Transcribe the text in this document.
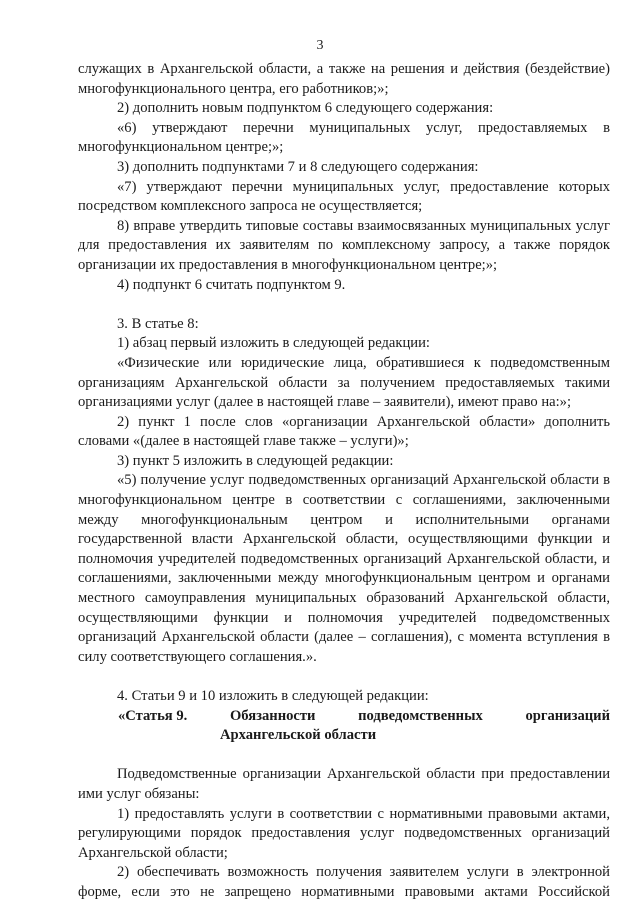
3

служащих в Архангельской области, а также на решения и действия (бездействие) многофункционального центра, его работников;»;

2) дополнить новым подпунктом 6 следующего содержания:

«6) утверждают перечни муниципальных услуг, предоставляемых в многофункциональном центре;»;

3) дополнить подпунктами 7 и 8 следующего содержания:

«7) утверждают перечни муниципальных услуг, предоставление которых посредством комплексного запроса не осуществляется;

8) вправе утвердить типовые составы взаимосвязанных муниципальных услуг для предоставления их заявителям по комплексному запросу, а также порядок организации их предоставления в многофункциональном центре;»;

4) подпункт 6 считать подпунктом 9.

3. В статье 8:

1) абзац первый изложить в следующей редакции:

«Физические или юридические лица, обратившиеся к подведомственным организациям Архангельской области за получением предоставляемых такими организациями услуг (далее в настоящей главе – заявители), имеют право на:»;

2) пункт 1 после слов «организации Архангельской области» дополнить словами «(далее в настоящей главе также – услуги)»;

3) пункт 5 изложить в следующей редакции:

«5) получение услуг подведомственных организаций Архангельской области в многофункциональном центре в соответствии с соглашениями, заключенными между многофункциональным центром и исполнительными органами государственной власти Архангельской области, осуществляющими функции и полномочия учредителей подведомственных организаций Архангельской области, и соглашениями, заключенными между многофункциональным центром и органами местного самоуправления муниципальных образований Архангельской области, осуществляющими функции и полномочия учредителей подведомственных организаций Архангельской области (далее – соглашения), с момента вступления в силу соответствующего соглашения.».

4. Статьи 9 и 10 изложить в следующей редакции:

«Статья 9.	Обязанности	подведомственных	организаций
Архангельской области

Подведомственные организации Архангельской области при предоставлении ими услуг обязаны:

1) предоставлять услуги в соответствии с нормативными правовыми актами, регулирующими порядок предоставления услуг подведомственных организаций Архангельской области;

2) обеспечивать возможность получения заявителем услуги в электронной форме, если это не запрещено нормативными правовыми актами Российской
